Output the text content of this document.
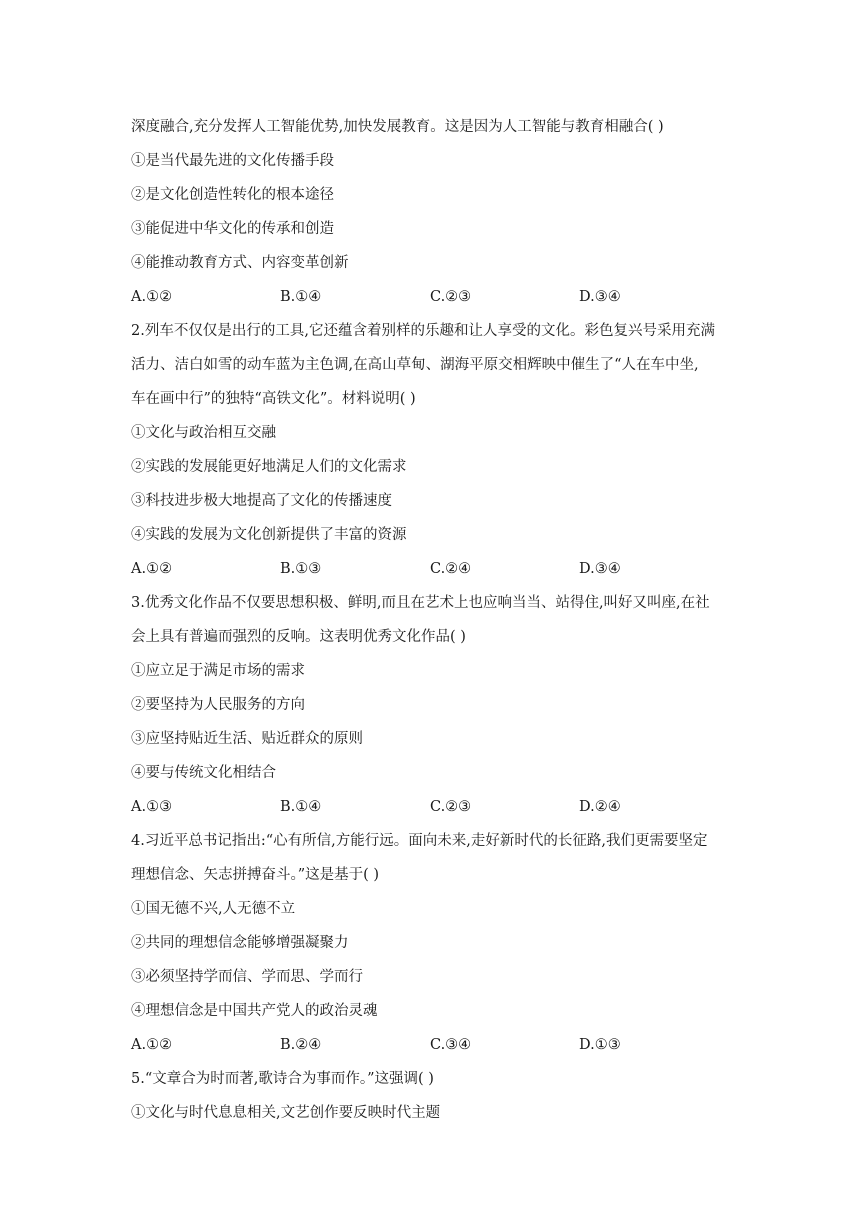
深度融合,充分发挥人工智能优势,加快发展教育。这是因为人工智能与教育相融合( )
①是当代最先进的文化传播手段
②是文化创造性转化的根本途径
③能促进中华文化的传承和创造
④能推动教育方式、内容变革创新
A.①②	B.①④	C.②③	D.③④
2.列车不仅仅是出行的工具,它还蕴含着别样的乐趣和让人享受的文化。彩色复兴号采用充满
活力、洁白如雪的动车蓝为主色调,在高山草甸、湖海平原交相辉映中催生了“人在车中坐,
车在画中行”的独特“高铁文化”。材料说明( )
①文化与政治相互交融
②实践的发展能更好地满足人们的文化需求
③科技进步极大地提高了文化的传播速度
④实践的发展为文化创新提供了丰富的资源
A.①②	B.①③	C.②④	D.③④
3.优秀文化作品不仅要思想积极、鲜明,而且在艺术上也应响当当、站得住,叫好又叫座,在社
会上具有普遍而强烈的反响。这表明优秀文化作品( )
①应立足于满足市场的需求
②要坚持为人民服务的方向
③应坚持贴近生活、贴近群众的原则
④要与传统文化相结合
A.①③	B.①④	C.②③	D.②④
4.习近平总书记指出:“心有所信,方能行远。面向未来,走好新时代的长征路,我们更需要坚定
理想信念、矢志拼搏奋斗。”这是基于( )
①国无德不兴,人无德不立
②共同的理想信念能够增强凝聚力
③必须坚持学而信、学而思、学而行
④理想信念是中国共产党人的政治灵魂
A.①②	B.②④	C.③④	D.①③
5.“文章合为时而著,歌诗合为事而作。”这强调( )
①文化与时代息息相关,文艺创作要反映时代主题
